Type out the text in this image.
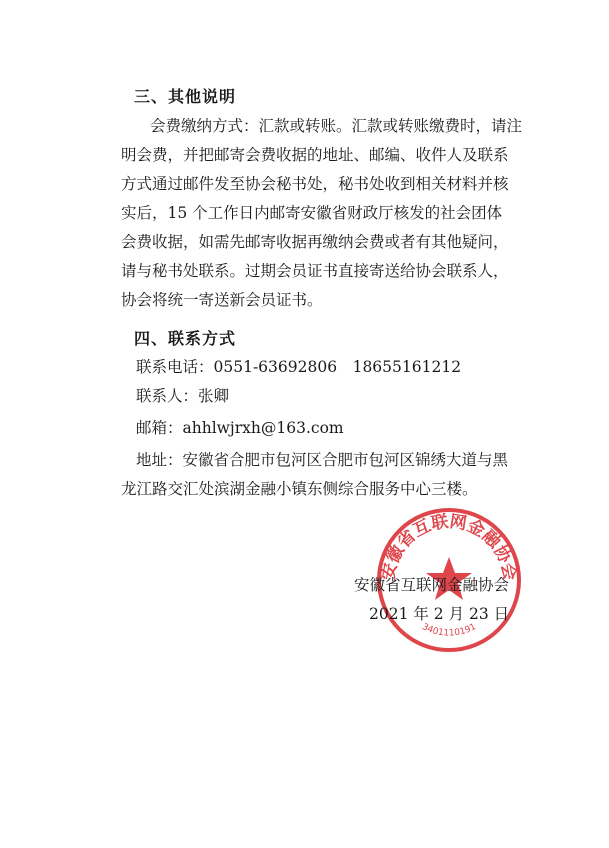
三、其他说明
会费缴纳方式：汇款或转账。汇款或转账缴费时，请注
明会费，并把邮寄会费收据的地址、邮编、收件人及联系
方式通过邮件发至协会秘书处，秘书处收到相关材料并核
实后，15 个工作日内邮寄安徽省财政厅核发的社会团体
会费收据，如需先邮寄收据再缴纳会费或者有其他疑问，
请与秘书处联系。过期会员证书直接寄送给协会联系人，
协会将统一寄送新会员证书。
四、联系方式
联系电话：0551-63692806　18655161212
联系人：张卿
邮箱：ahhlwjrxh@163.com
地址：安徽省合肥市包河区合肥市包河区锦绣大道与黑
龙江路交汇处滨湖金融小镇东侧综合服务中心三楼。
安徽省互联网金融协会
3401110191
安徽省互联网金融协会
2021 年 2 月 23 日
